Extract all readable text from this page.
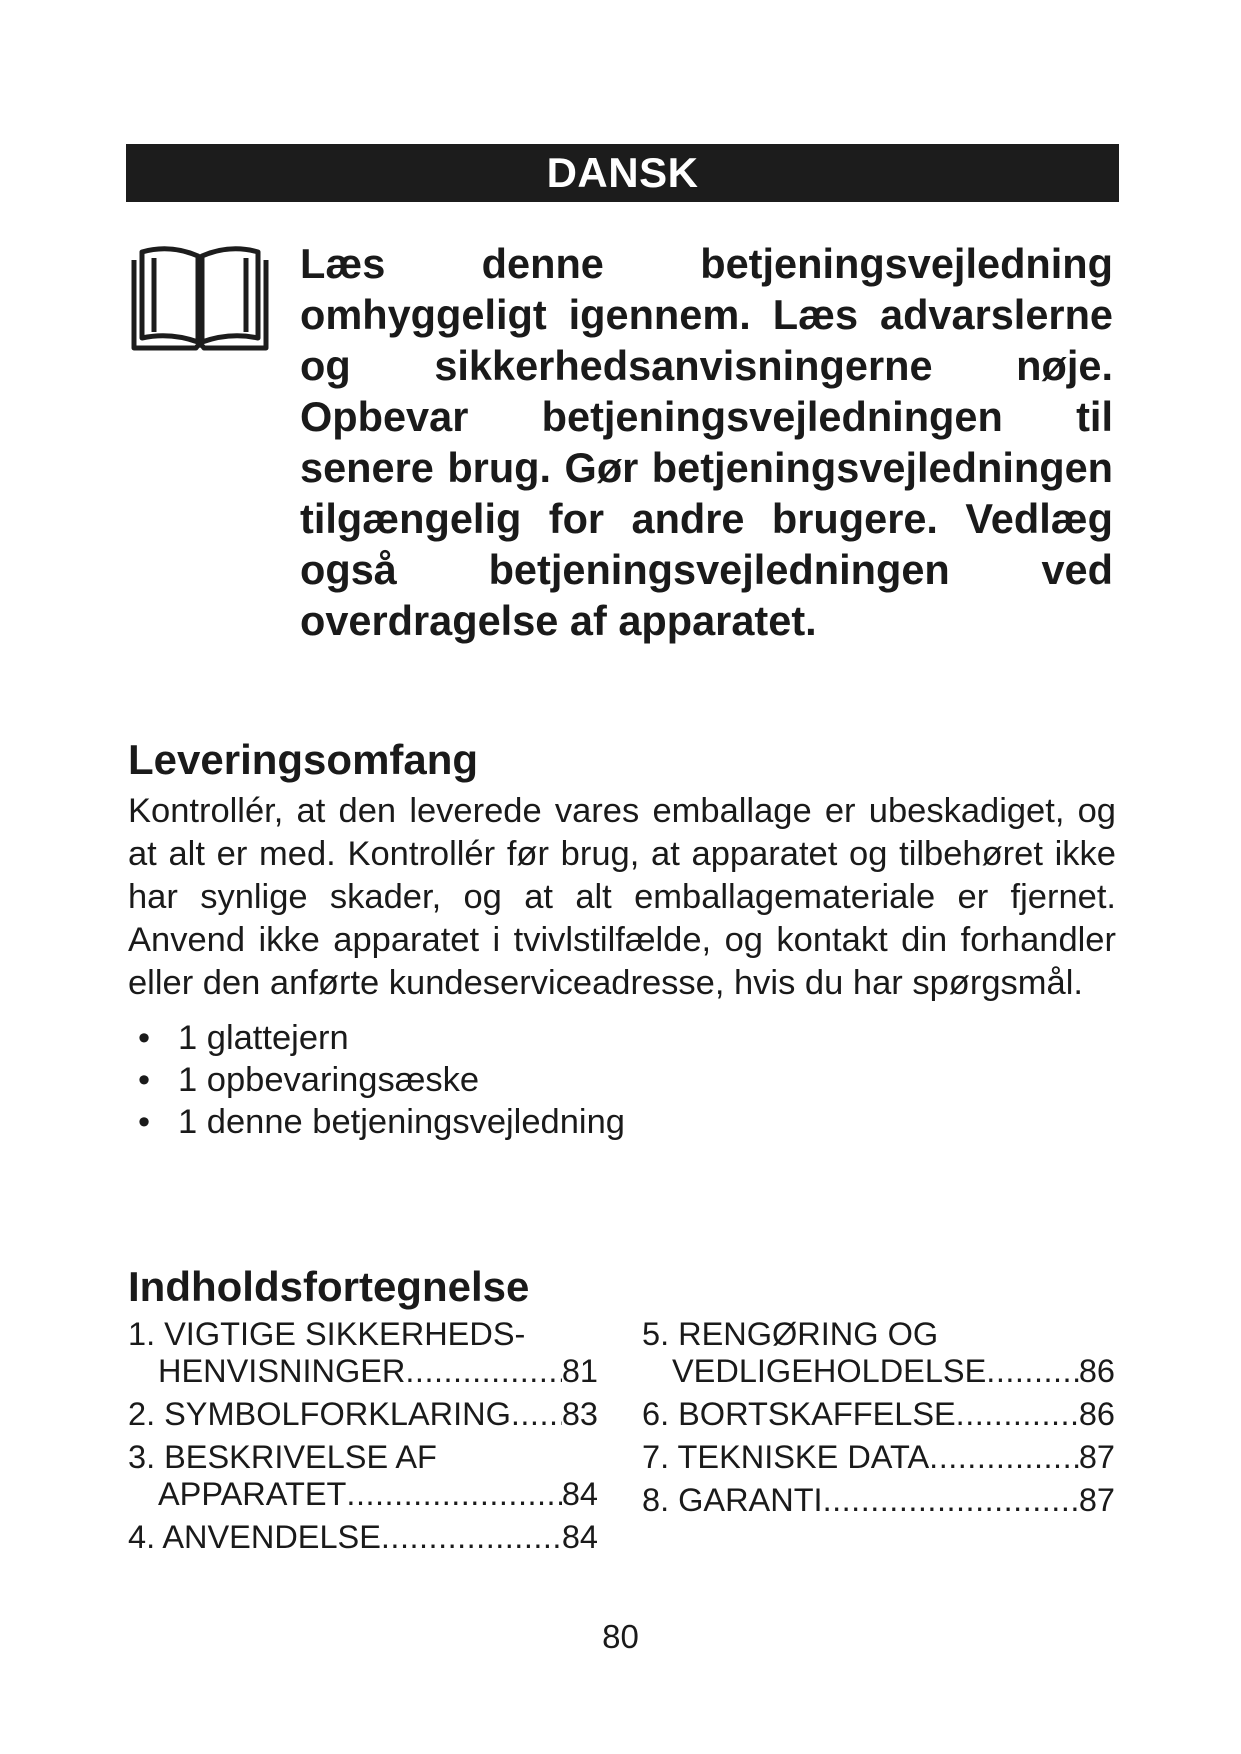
DANSK

Læs denne betjeningsvejledning omhyggeligt igennem. Læs advarslerne og sikkerhedsanvisningerne nøje. Opbevar betjeningsvejledningen til senere brug. Gør betjeningsvejledningen tilgængelig for andre brugere. Vedlæg også betjeningsvejledningen ved overdragelse af apparatet.

Leveringsomfang

Kontrollér, at den leverede vares emballage er ubeskadiget, og at alt er med. Kontrollér før brug, at apparatet og tilbehøret ikke har synlige skader, og at alt emballagemateriale er fjernet. Anvend ikke apparatet i tvivlstilfælde, og kontakt din forhandler eller den anførte kundeserviceadresse, hvis du har spørgsmål.

• 1 glattejern
• 1 opbevaringsæske
• 1 denne betjeningsvejledning
Indholdsfortegnelse
1. VIGTIGE SIKKERHEDS-
HENVISNINGER .....	81
2. SYMBOLFORKLARING ..... 83
3. BESKRIVELSE AF
APPARATET .....	84
4. ANVENDELSE .....	84
5. RENGØRING OG
VEDLIGEHOLDELSE .....	86
6. BORTSKAFFELSE .....	86
7. TEKNISKE DATA .....	87
8. GARANTI .....	87
80
